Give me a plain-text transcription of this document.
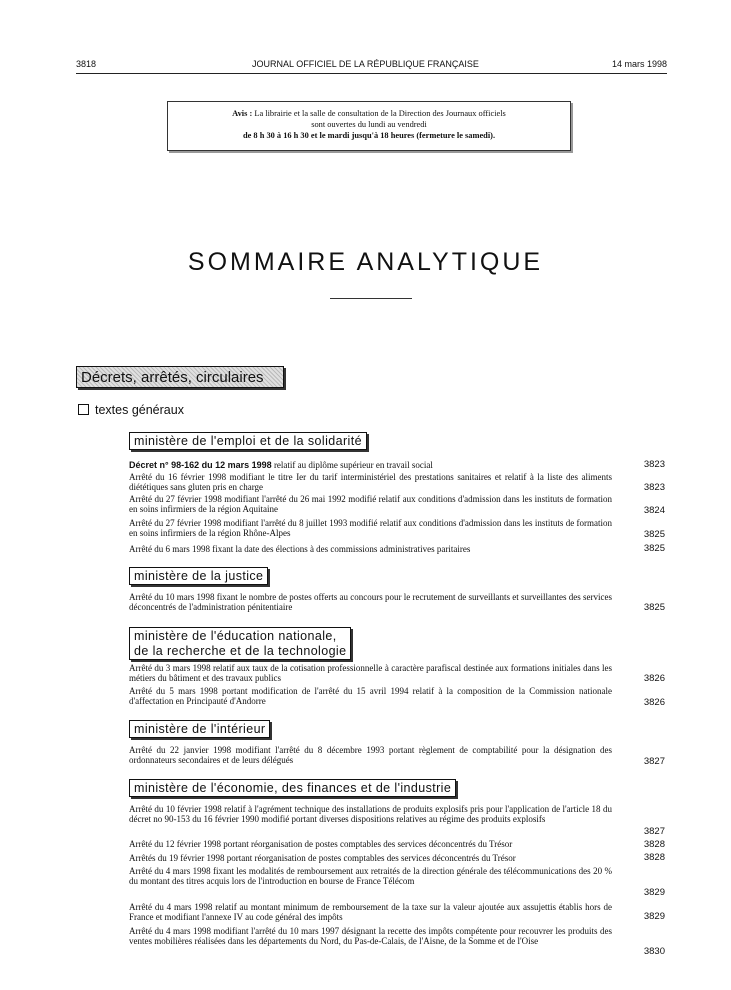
JOURNAL OFFICIEL DE LA RÉPUBLIQUE FRANÇAISE
3818	14 mars 1998
Avis : La librairie et la salle de consultation de la Direction des Journaux officiels
sont ouvertes du lundi au vendredi
de 8 h 30 à 16 h 30 et le mardi jusqu'à 18 heures (fermeture le samedi).
SOMMAIRE ANALYTIQUE
Décrets, arrêtés, circulaires
textes généraux
ministère de l'emploi et de la solidarité
Décret n° 98-162 du 12 mars 1998 relatif au diplôme supérieur en travail social	3823
Arrêté du 16 février 1998 modifiant le titre Ier du tarif interministériel des prestations sanitaires et relatif à la liste des aliments diététiques sans gluten pris en charge	3823
Arrêté du 27 février 1998 modifiant l'arrêté du 26 mai 1992 modifié relatif aux conditions d'admission dans les instituts de formation en soins infirmiers de la région Aquitaine	3824
Arrêté du 27 février 1998 modifiant l'arrêté du 8 juillet 1993 modifié relatif aux conditions d'admission dans les instituts de formation en soins infirmiers de la région Rhône-Alpes	3825
Arrêté du 6 mars 1998 fixant la date des élections à des commissions administratives paritaires	3825
ministère de la justice
Arrêté du 10 mars 1998 fixant le nombre de postes offerts au concours pour le recrutement de surveillants et surveillantes des services déconcentrés de l'administration pénitentiaire	3825
ministère de l'éducation nationale,
de la recherche et de la technologie
Arrêté du 3 mars 1998 relatif aux taux de la cotisation professionnelle à caractère parafiscal destinée aux formations initiales dans les métiers du bâtiment et des travaux publics	3826
Arrêté du 5 mars 1998 portant modification de l'arrêté du 15 avril 1994 relatif à la composition de la Commission nationale d'affectation en Principauté d'Andorre	3826
ministère de l'intérieur
Arrêté du 22 janvier 1998 modifiant l'arrêté du 8 décembre 1993 portant règlement de comptabilité pour la désignation des ordonnateurs secondaires et de leurs délégués	3827
ministère de l'économie, des finances et de l'industrie
Arrêté du 10 février 1998 relatif à l'agrément technique des installations de produits explosifs pris pour l'application de l'article 18 du décret no 90-153 du 16 février 1990 modifié portant diverses dispositions relatives au régime des produits explosifs
3827
Arrêté du 12 février 1998 portant réorganisation de postes comptables des services déconcentrés du Trésor	3828
Arrêtés du 19 février 1998 portant réorganisation de postes comptables des services déconcentrés du Trésor	3828
Arrêté du 4 mars 1998 fixant les modalités de remboursement aux retraités de la direction générale des télécommunications des 20 % du montant des titres acquis lors de l'introduction en bourse de France Télécom
3829
Arrêté du 4 mars 1998 relatif au montant minimum de remboursement de la taxe sur la valeur ajoutée aux assujettis établis hors de France et modifiant l'annexe IV au code général des impôts	3829
Arrêté du 4 mars 1998 modifiant l'arrêté du 10 mars 1997 désignant la recette des impôts compétente pour recouvrer les produits des ventes mobilières réalisées dans les départements du Nord, du Pas-de-Calais, de l'Aisne, de la Somme et de l'Oise
3830
